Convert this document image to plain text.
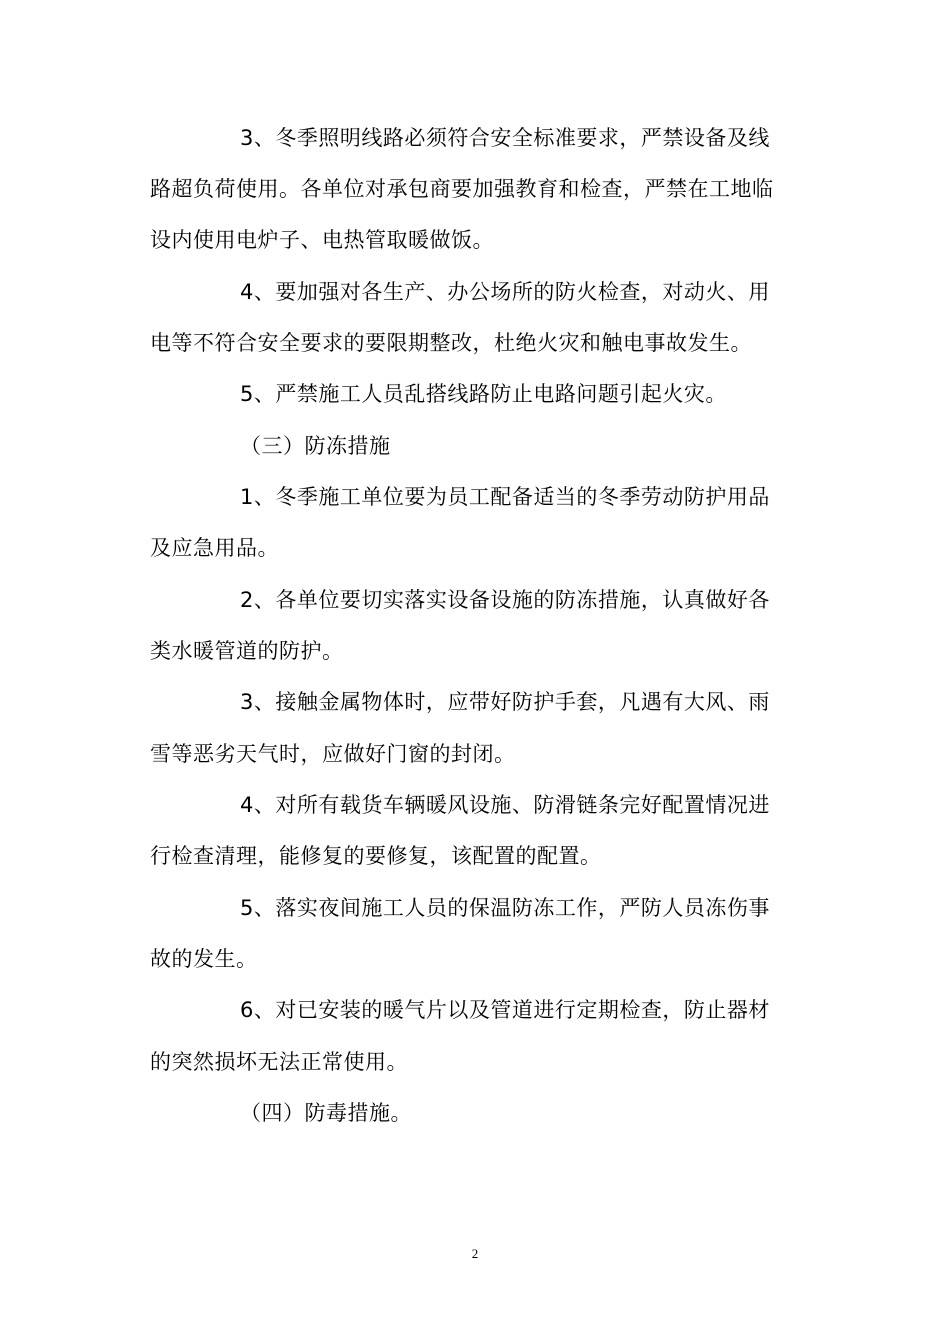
3、冬季照明线路必须符合安全标准要求，严禁设备及线
路超负荷使用。各单位对承包商要加强教育和检查，严禁在工地临
设内使用电炉子、电热管取暖做饭。
4、要加强对各生产、办公场所的防火检查，对动火、用
电等不符合安全要求的要限期整改，杜绝火灾和触电事故发生。
5、严禁施工人员乱搭线路防止电路问题引起火灾。
（三）防冻措施
1、冬季施工单位要为员工配备适当的冬季劳动防护用品
及应急用品。
2、各单位要切实落实设备设施的防冻措施，认真做好各
类水暖管道的防护。
3、接触金属物体时，应带好防护手套，凡遇有大风、雨
雪等恶劣天气时，应做好门窗的封闭。
4、对所有载货车辆暖风设施、防滑链条完好配置情况进
行检查清理，能修复的要修复，该配置的配置。
5、落实夜间施工人员的保温防冻工作，严防人员冻伤事
故的发生。
6、对已安装的暖气片以及管道进行定期检查，防止器材
的突然损坏无法正常使用。
（四）防毒措施。
2
